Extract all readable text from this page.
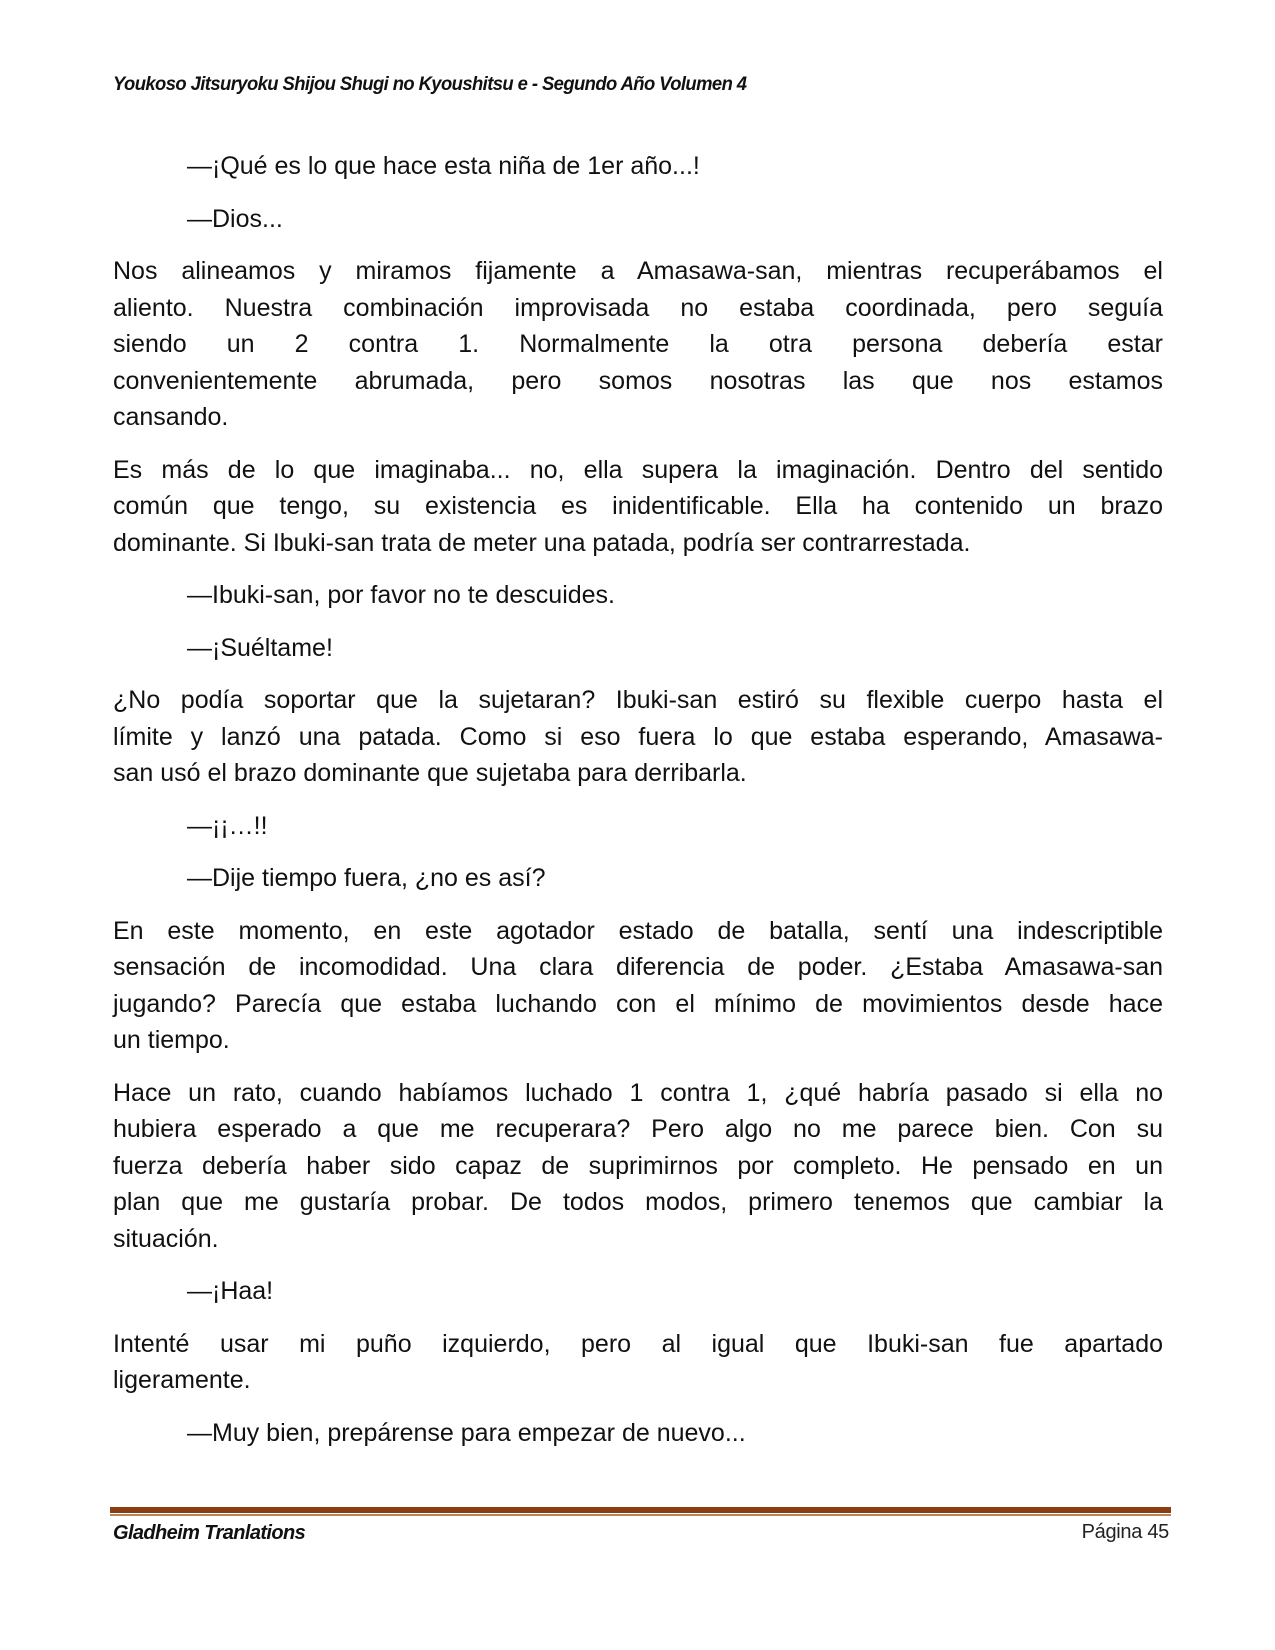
Youkoso Jitsuryoku Shijou Shugi no Kyoushitsu e - Segundo Año Volumen 4

—¡Qué es lo que hace esta niña de 1er año...!

—Dios...

Nos alineamos y miramos fijamente a Amasawa-san, mientras recuperábamos el
aliento. Nuestra combinación improvisada no estaba coordinada, pero seguía
siendo un 2 contra 1. Normalmente la otra persona debería estar
convenientemente abrumada, pero somos nosotras las que nos estamos
cansando.

Es más de lo que imaginaba... no, ella supera la imaginación. Dentro del sentido
común que tengo, su existencia es inidentificable. Ella ha contenido un brazo
dominante. Si Ibuki-san trata de meter una patada, podría ser contrarrestada.

—Ibuki-san, por favor no te descuides.

—¡Suéltame!

¿No podía soportar que la sujetaran? Ibuki-san estiró su flexible cuerpo hasta el
límite y lanzó una patada. Como si eso fuera lo que estaba esperando, Amasawa-
san usó el brazo dominante que sujetaba para derribarla.

—¡¡…!!

—Dije tiempo fuera, ¿no es así?

En este momento, en este agotador estado de batalla, sentí una indescriptible
sensación de incomodidad. Una clara diferencia de poder. ¿Estaba Amasawa-san
jugando? Parecía que estaba luchando con el mínimo de movimientos desde hace
un tiempo.

Hace un rato, cuando habíamos luchado 1 contra 1, ¿qué habría pasado si ella no
hubiera esperado a que me recuperara? Pero algo no me parece bien. Con su
fuerza debería haber sido capaz de suprimirnos por completo. He pensado en un
plan que me gustaría probar. De todos modos, primero tenemos que cambiar la
situación.

—¡Haa!

Intenté usar mi puño izquierdo, pero al igual que Ibuki-san fue apartado
ligeramente.

—Muy bien, prepárense para empezar de nuevo...

Gladheim Tranlations	Página 45
